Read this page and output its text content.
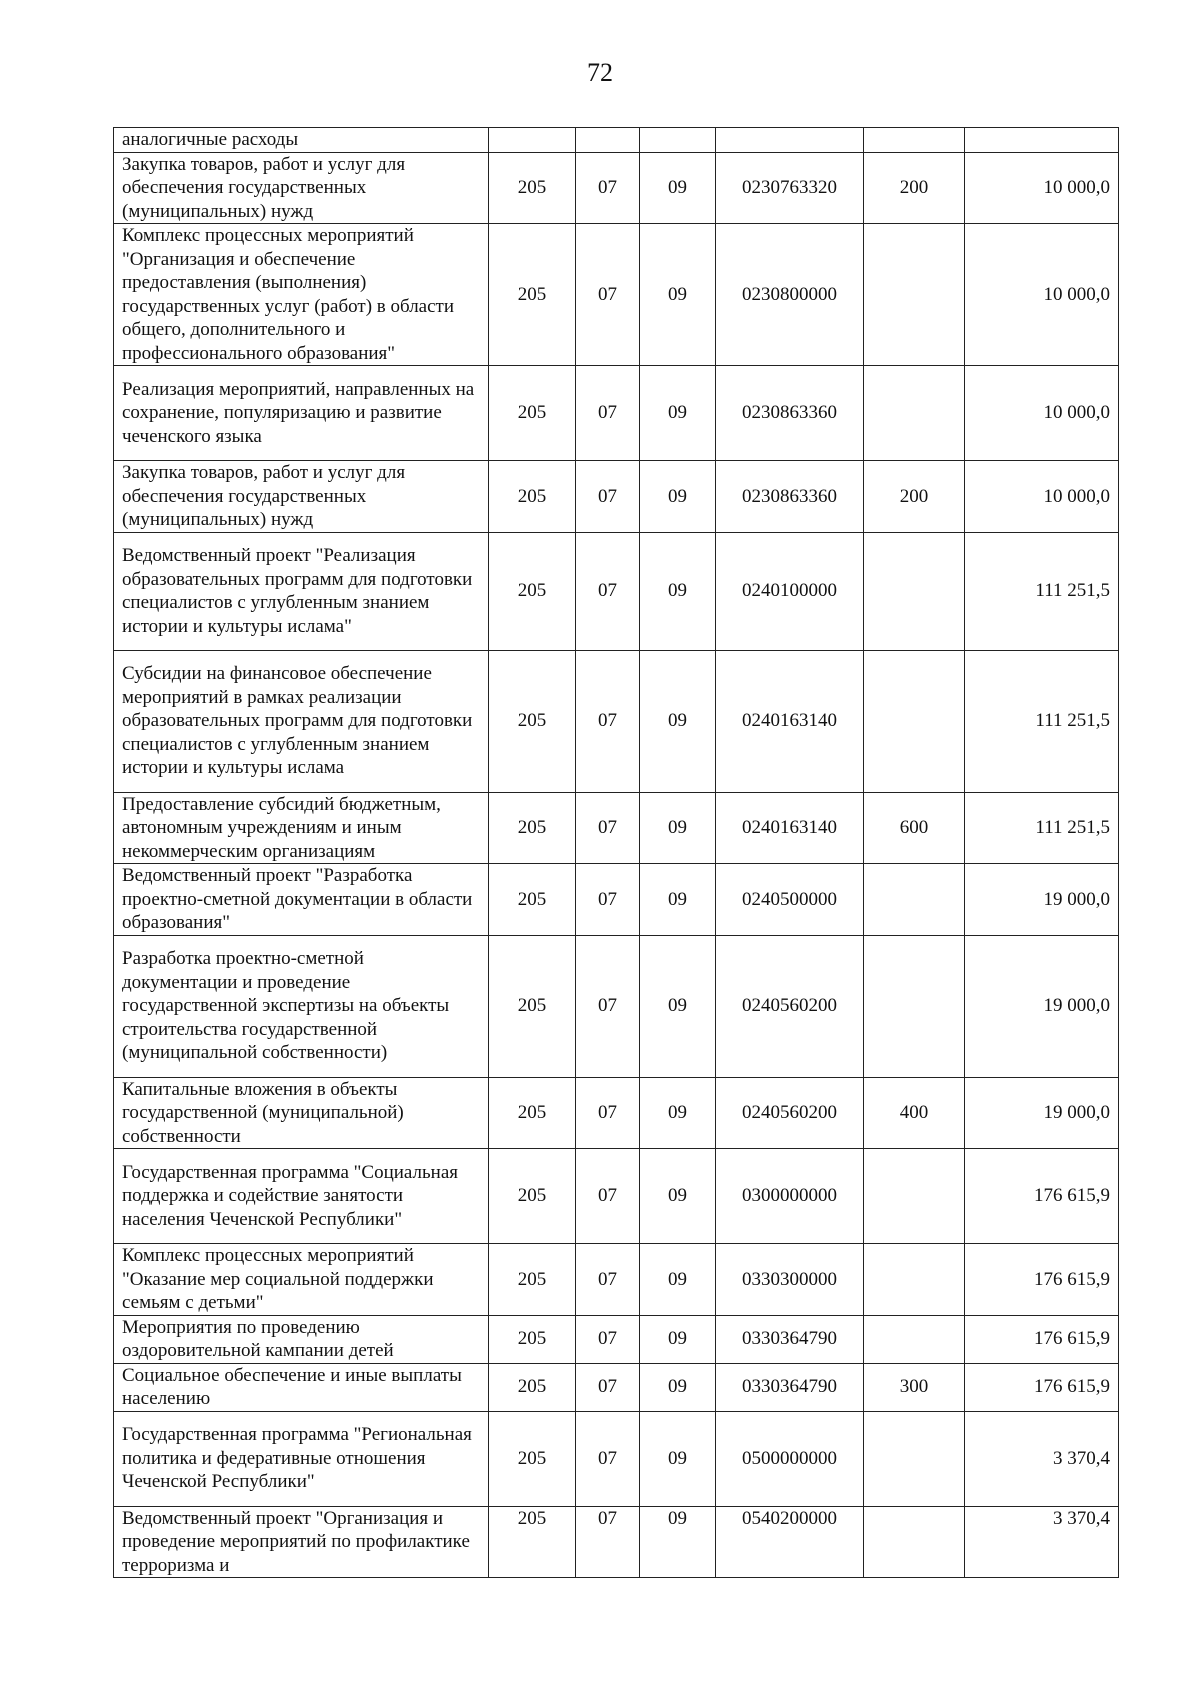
72
аналогичные расходы						
Закупка товаров, работ и услуг для обеспечения государственных (муниципальных) нужд	205	07	09	0230763320	200	10 000,0
Комплекс процессных мероприятий "Организация и обеспечение предоставления (выполнения) государственных услуг (работ) в области общего, дополнительного и профессионального образования"	205	07	09	0230800000		10 000,0
Реализация мероприятий, направленных на сохранение, популяризацию и развитие чеченского языка	205	07	09	0230863360		10 000,0
Закупка товаров, работ и услуг для обеспечения государственных (муниципальных) нужд	205	07	09	0230863360	200	10 000,0
Ведомственный проект "Реализация образовательных программ для подготовки специалистов с углубленным знанием истории и культуры ислама"	205	07	09	0240100000		111 251,5
Субсидии на финансовое обеспечение мероприятий в рамках реализации образовательных программ для подготовки специалистов с углубленным знанием истории и культуры ислама	205	07	09	0240163140		111 251,5
Предоставление субсидий бюджетным, автономным учреждениям и иным некоммерческим организациям	205	07	09	0240163140	600	111 251,5
Ведомственный проект "Разработка проектно-сметной документации в области образования"	205	07	09	0240500000		19 000,0
Разработка проектно-сметной документации и проведение государственной экспертизы на объекты строительства государственной (муниципальной собственности)	205	07	09	0240560200		19 000,0
Капитальные вложения в объекты государственной (муниципальной) собственности	205	07	09	0240560200	400	19 000,0
Государственная программа "Социальная поддержка и содействие занятости населения Чеченской Республики"	205	07	09	0300000000		176 615,9
Комплекс процессных мероприятий "Оказание мер социальной поддержки семьям с детьми"	205	07	09	0330300000		176 615,9
Мероприятия по проведению оздоровительной кампании детей	205	07	09	0330364790		176 615,9
Социальное обеспечение и иные выплаты населению	205	07	09	0330364790	300	176 615,9
Государственная программа "Региональная политика и федеративные отношения Чеченской Республики"	205	07	09	0500000000		3 370,4
Ведомственный проект "Организация и проведение мероприятий по профилактике терроризма и	205	07	09	0540200000		3 370,4
